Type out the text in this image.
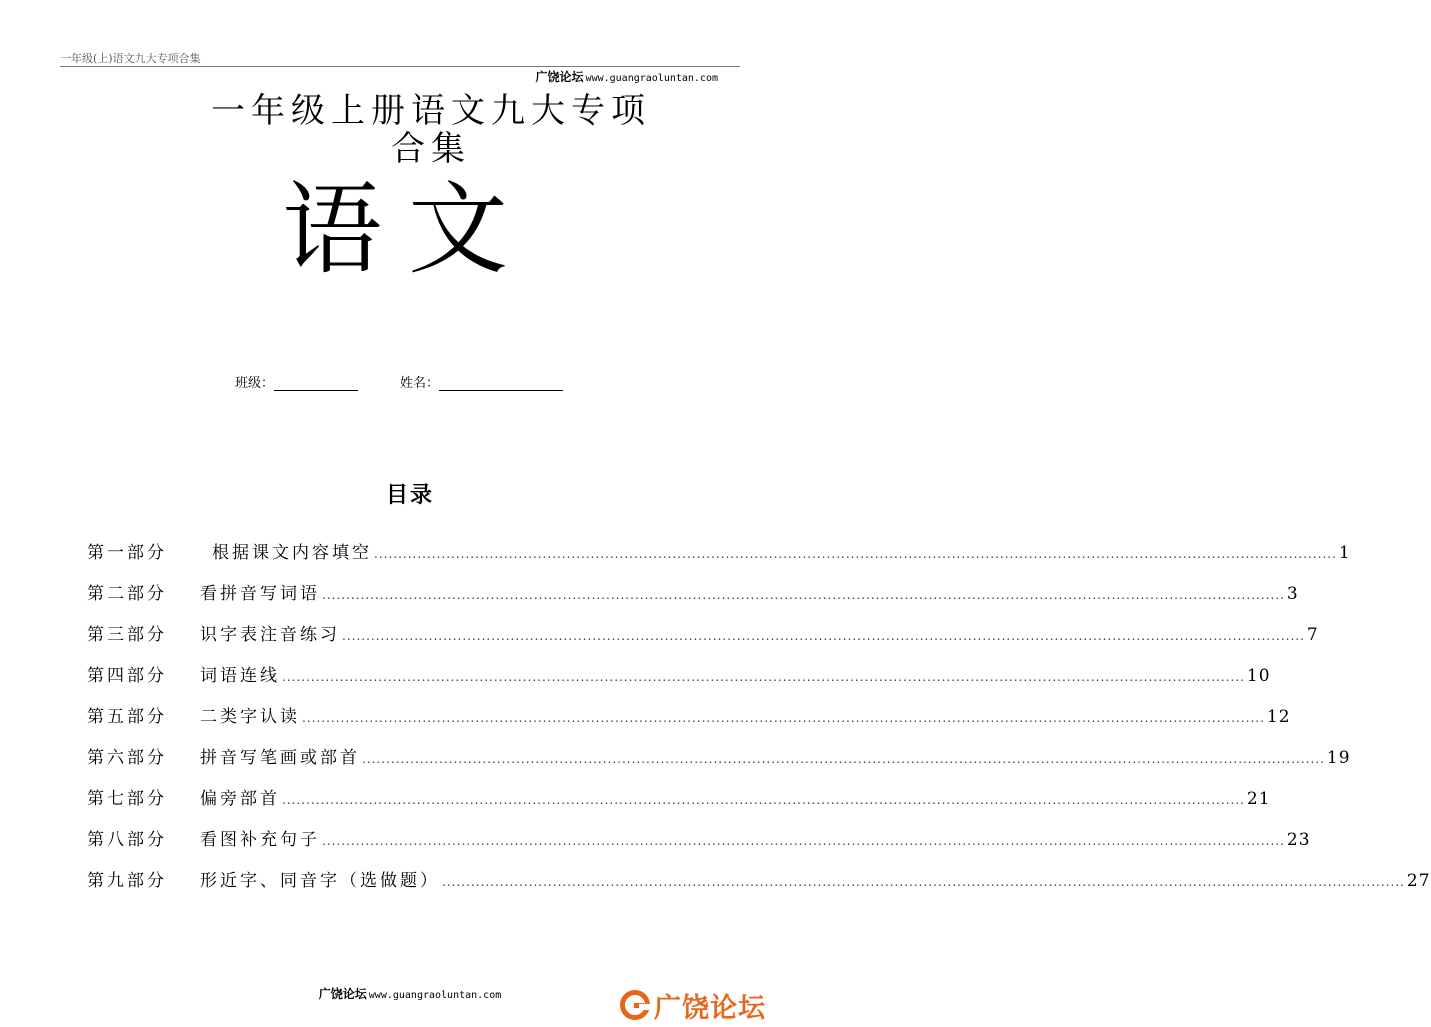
一年级(上)语文九大专项合集
广饶论坛 www.guangraoluntan.com
一年级上册语文九大专项
合集
语文
班级：	姓名：
目录
第一部分	根据课文内容填空 ........................................................................................................................................................................................................ 1
第二部分 看拼音写词语 ........................................................................................................................................................................................................ 3
第三部分 识字表注音练习 ........................................................................................................................................................................................................ 7
第四部分 词语连线 ........................................................................................................................................................................................................ 10
第五部分 二类字认读 ........................................................................................................................................................................................................ 12
第六部分 拼音写笔画或部首 ........................................................................................................................................................................................................ 19
第七部分 偏旁部首 ........................................................................................................................................................................................................ 21
第八部分 看图补充句子 ........................................................................................................................................................................................................ 23
第九部分 形近字、同音字（选做题） ........................................................................................................................................................................................................ 27
广饶论坛 www.guangraoluntan.com	广饶论坛
